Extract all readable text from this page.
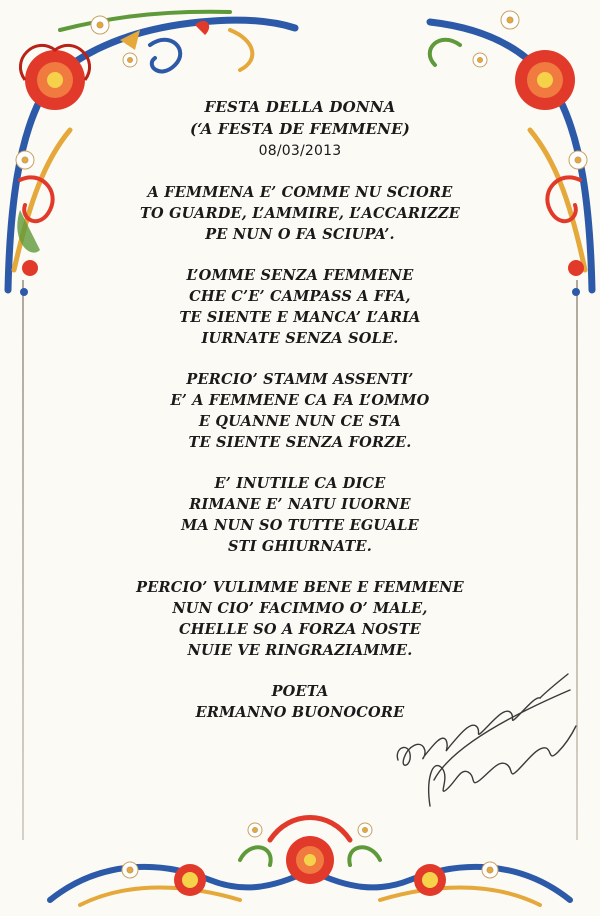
FESTA DELLA DONNA
(‘A FESTA DE FEMMENE)
08/03/2013
A FEMMENA E’ COMME NU SCIORE
TO GUARDE, L’AMMIRE, L’ACCARIZZE
PE NUN O FA SCIUPA’.
L’OMME SENZA FEMMENE
CHE C’E’ CAMPASS A FFA,
TE SIENTE E MANCA’ L’ARIA
IURNATE SENZA SOLE.
PERCIO’ STAMM ASSENTI’
E’ A FEMMENE CA FA L’OMMO
E QUANNE NUN CE STA
TE SIENTE SENZA FORZE.
E’ INUTILE CA DICE
RIMANE E’ NATU IUORNE
MA NUN SO TUTTE EGUALE
STI GHIURNATE.
PERCIO’ VULIMME BENE E FEMMENE
NUN CIO’ FACIMMO O’ MALE,
CHELLE SO A FORZA NOSTE
NUIE VE RINGRAZIAMME.
POETA
ERMANNO BUONOCORE
